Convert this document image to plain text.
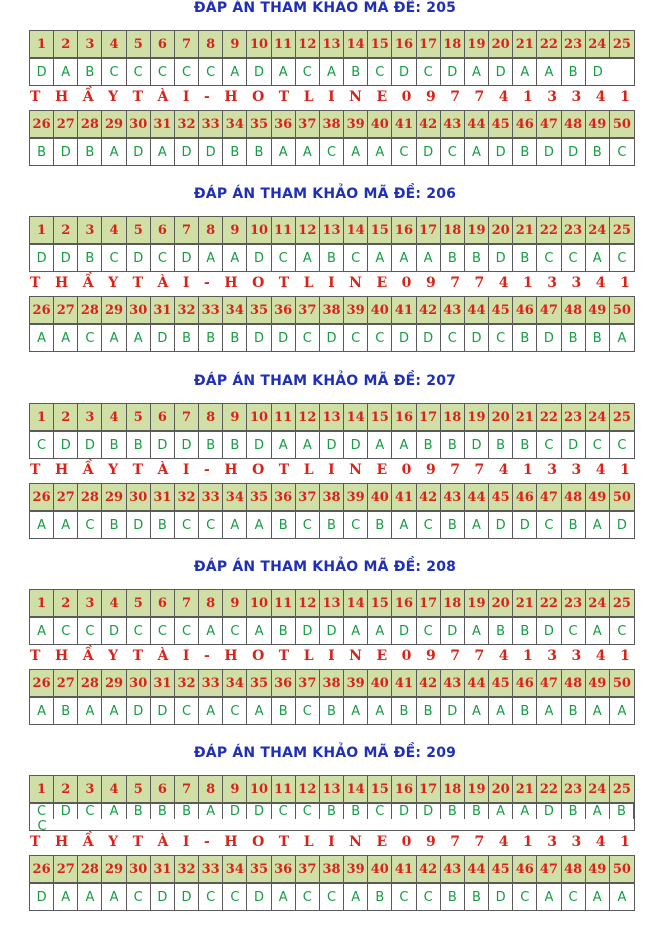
ĐÁP ÁN THAM KHẢO MÃ ĐỀ: 205
1	2	3	4	5	6	7	8	9 10 11 12 13 14 15 16 17 18 19 20 21 22 23 24 25
D	A	B	C	C	C	C	C	A	D	A	C	A	B	C	D	C	D	A	D	A	A	B	D
T H Ầ Y T À I - H O T L I N E 0 9 7 7 4 1 3 3 4 1
26 27 28 29 30 31 32 33 34 35 36 37 38 39 40 41 42 43 44 45 46 47 48 49 50
B	D	B	A	D	A	D	D	B	B	A	A	C	A	A	C	D	C	A	D	B	D	D	B	C
ĐÁP ÁN THAM KHẢO MÃ ĐỀ: 206
1	2	3	4	5	6	7	8	9 10 11 12 13 14 15 16 17 18 19 20 21 22 23 24 25
D	D	B	C	D	C	D	A	A	D	C	A	B	C	A	A	A	B	B	D	B	C	C	A	C
T H Ầ Y T À I - H O T L I N E 0 9 7 7 4 1 3 3 4 1
26 27 28 29 30 31 32 33 34 35 36 37 38 39 40 41 42 43 44 45 46 47 48 49 50
A	A	C	A	A	D	B	B	B	D	D	C	D	C	C	D	D	C	D	C	B	D	B	B	A
ĐÁP ÁN THAM KHẢO MÃ ĐỀ: 207
1	2	3	4	5	6	7	8	9 10 11 12 13 14 15 16 17 18 19 20 21 22 23 24 25
C	D	D	B	B	D	D	B	B	D	A	A	D	D	A	A	B	B	D	B	B	C	D	C	C
T H Ầ Y T À I - H O T L I N E 0 9 7 7 4 1 3 3 4 1
26 27 28 29 30 31 32 33 34 35 36 37 38 39 40 41 42 43 44 45 46 47 48 49 50
A	A	C	B	D	B	C	C	A	A	B	C	B	C	B	A	C	B	A	D	D	C	B	A	D
ĐÁP ÁN THAM KHẢO MÃ ĐỀ: 208
1	2	3	4	5	6	7	8	9 10 11 12 13 14 15 16 17 18 19 20 21 22 23 24 25
A	C	C	D	C	C	C	A	C	A	B	D	D	A	A	D	C	D	A	B	B	D	C	A	C
T H Ầ Y T À I - H O T L I N E 0 9 7 7 4 1 3 3 4 1
26 27 28 29 30 31 32 33 34 35 36 37 38 39 40 41 42 43 44 45 46 47 48 49 50
A	B	A	A	D	D	C	A	C	A	B	C	B	A	A	B	B	D	A	A	B	A	B	A	A
ĐÁP ÁN THAM KHẢO MÃ ĐỀ: 209
1	2	3	4	5	6	7	8	9 10 11 12 13 14 15 16 17 18 19 20 21 22 23 24 25
C	D	C	A	B	B	B	A	D	D	C	C	B	B	C	D	D	B	B	A	A	D	B	A	B
C
T H Ầ Y T À I - H O T L I N E 0 9 7 7 4 1 3 3 4 1
26 27 28 29 30 31 32 33 34 35 36 37 38 39 40 41 42 43 44 45 46 47 48 49 50
D	A	A	A	C	D	D	C	C	D	A	C	C	A	B	C	C	B	B	D	C	A	C	A	A
